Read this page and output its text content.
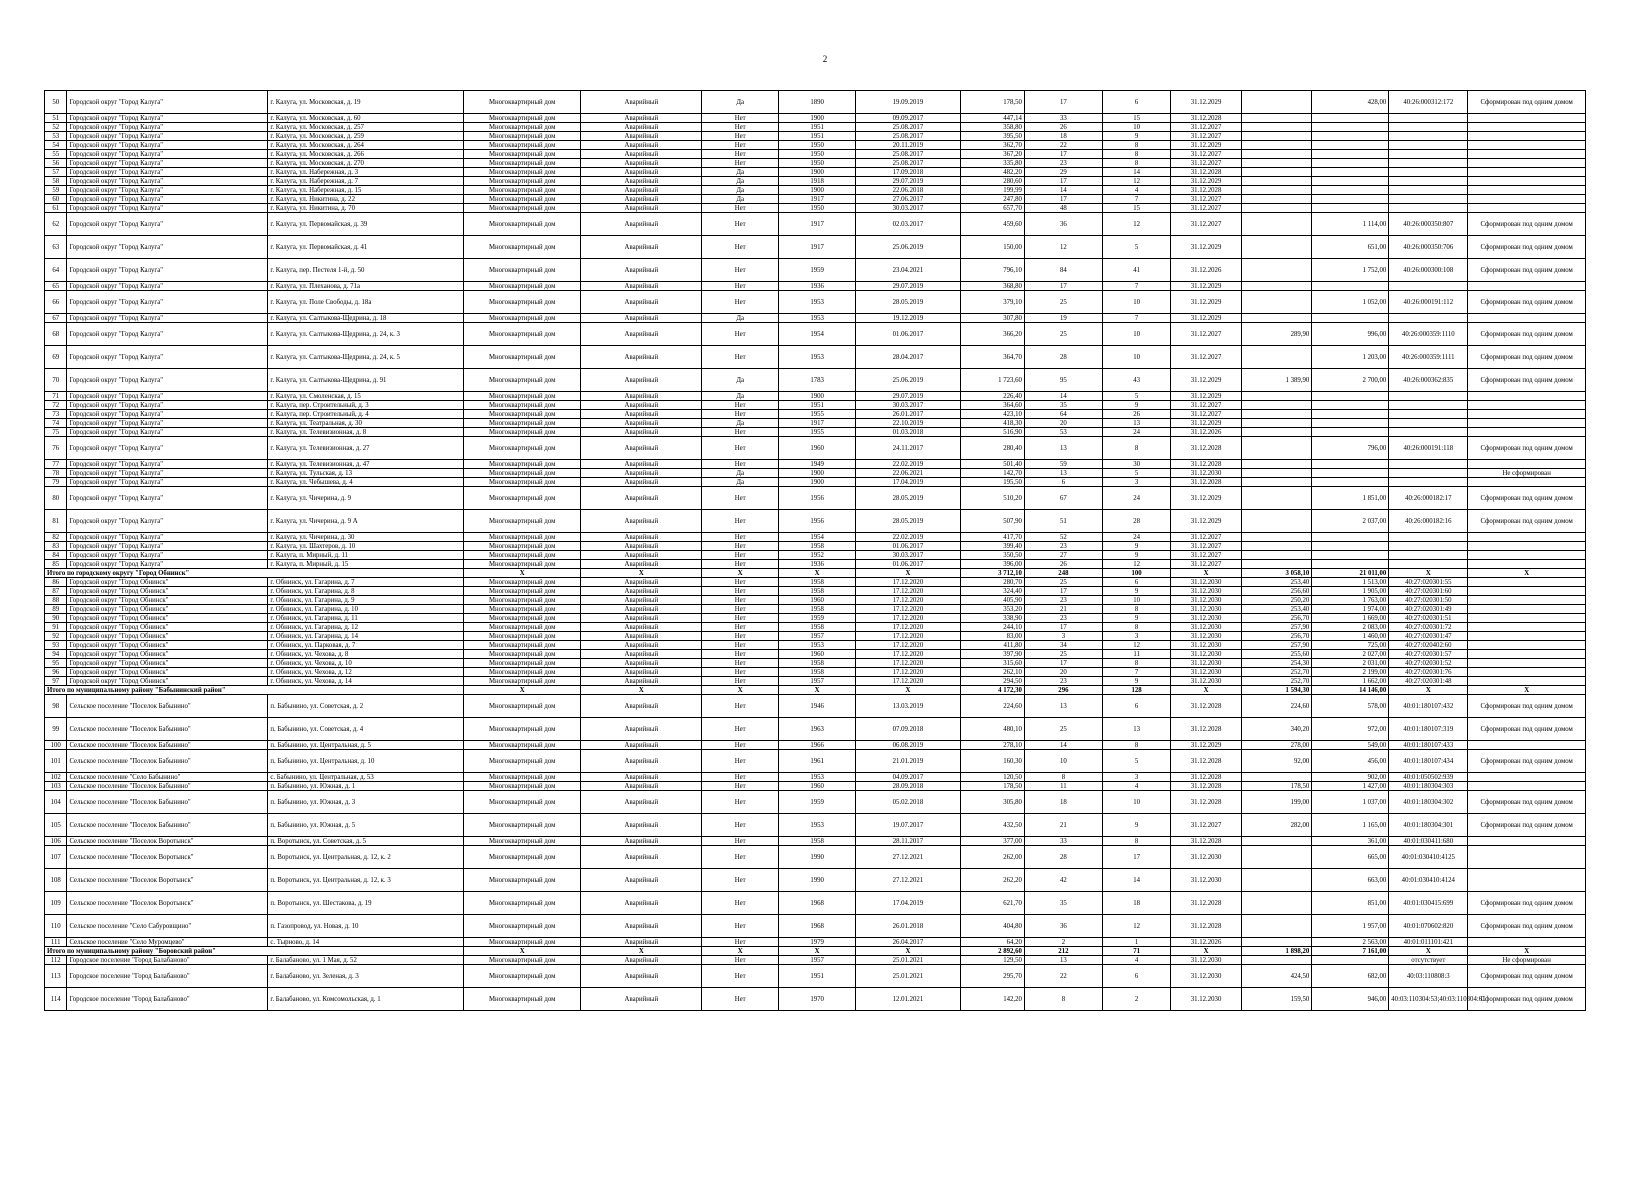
2
50	Городской округ "Город Калуга"	г. Калуга, ул. Московская, д. 19	Многоквартирный дом	Аварийный	Да	1890	19.09.2019	178,50	17	6	31.12.2029		428,00	40:26:000312:172	Сформирован под одним домом
51	Городской округ "Город Калуга"	г. Калуга, ул. Московская, д. 60	Многоквартирный дом	Аварийный	Нет	1900	09.09.2017	447,14	33	15	31.12.2028				
52	Городской округ "Город Калуга"	г. Калуга, ул. Московская, д. 257	Многоквартирный дом	Аварийный	Нет	1951	25.08.2017	358,80	26	10	31.12.2027				
53	Городской округ "Город Калуга"	г. Калуга, ул. Московская, д. 259	Многоквартирный дом	Аварийный	Нет	1951	25.08.2017	395,50	18	9	31.12.2027				
54	Городской округ "Город Калуга"	г. Калуга, ул. Московская, д. 264	Многоквартирный дом	Аварийный	Нет	1950	20.11.2019	362,70	22	8	31.12.2029				
55	Городской округ "Город Калуга"	г. Калуга, ул. Московская, д. 266	Многоквартирный дом	Аварийный	Нет	1950	25.08.2017	367,20	17	8	31.12.2027				
56	Городской округ "Город Калуга"	г. Калуга, ул. Московская, д. 270	Многоквартирный дом	Аварийный	Нет	1950	25.08.2017	335,80	23	8	31.12.2027				
57	Городской округ "Город Калуга"	г. Калуга, ул. Набережная, д. 3	Многоквартирный дом	Аварийный	Да	1900	17.09.2018	482,20	29	14	31.12.2028				
58	Городской округ "Город Калуга"	г. Калуга, ул. Набережная, д. 7	Многоквартирный дом	Аварийный	Да	1918	29.07.2019	280,60	17	12	31.12.2029				
59	Городской округ "Город Калуга"	г. Калуга, ул. Набережная, д. 15	Многоквартирный дом	Аварийный	Да	1900	22.06.2018	199,99	14	4	31.12.2028				
60	Городской округ "Город Калуга"	г. Калуга, ул. Никитина, д. 22	Многоквартирный дом	Аварийный	Да	1917	27.06.2017	247,80	17	7	31.12.2027				
61	Городской округ "Город Калуга"	г. Калуга, ул. Никитина, д. 70	Многоквартирный дом	Аварийный	Нет	1950	30.03.2017	657,70	48	15	31.12.2027				
62	Городской округ "Город Калуга"	г. Калуга, ул. Первомайская, д. 39	Многоквартирный дом	Аварийный	Нет	1917	02.03.2017	459,60	36	12	31.12.2027		1 114,00	40:26:000350:807	Сформирован под одним домом
63	Городской округ "Город Калуга"	г. Калуга, ул. Первомайская, д. 41	Многоквартирный дом	Аварийный	Нет	1917	25.06.2019	150,00	12	5	31.12.2029		651,00	40:26:000350:706	Сформирован под одним домом
64	Городской округ "Город Калуга"	г. Калуга, пер. Пестеля 1-й, д. 50	Многоквартирный дом	Аварийный	Нет	1959	23.04.2021	796,10	84	41	31.12.2026		1 752,00	40:26:000300:108	Сформирован под одним домом
65	Городской округ "Город Калуга"	г. Калуга, ул. Плеханова, д. 71а	Многоквартирный дом	Аварийный	Нет	1936	29.07.2019	368,80	17	7	31.12.2029				
66	Городской округ "Город Калуга"	г. Калуга, ул. Поле Свободы, д. 18а	Многоквартирный дом	Аварийный	Нет	1953	28.05.2019	379,10	25	10	31.12.2029		1 052,00	40:26:000191:112	Сформирован под одним домом
67	Городской округ "Город Калуга"	г. Калуга, ул. Салтыкова-Щедрина, д. 18	Многоквартирный дом	Аварийный	Да	1953	19.12.2019	307,80	19	7	31.12.2029				
68	Городской округ "Город Калуга"	г. Калуга, ул. Салтыкова-Щедрина, д. 24, к. 3	Многоквартирный дом	Аварийный	Нет	1954	01.06.2017	366,20	25	10	31.12.2027	289,90	996,00	40:26:000359:1110	Сформирован под одним домом
69	Городской округ "Город Калуга"	г. Калуга, ул. Салтыкова-Щедрина, д. 24, к. 5	Многоквартирный дом	Аварийный	Нет	1953	28.04.2017	364,70	28	10	31.12.2027		1 203,00	40:26:000359:1111	Сформирован под одним домом
70	Городской округ "Город Калуга"	г. Калуга, ул. Салтыкова-Щедрина, д. 91	Многоквартирный дом	Аварийный	Да	1783	25.06.2019	1 723,60	95	43	31.12.2029	1 389,90	2 700,00	40:26:000362:835	Сформирован под одним домом
71	Городской округ "Город Калуга"	г. Калуга, ул. Смоленская, д. 15	Многоквартирный дом	Аварийный	Да	1900	29.07.2019	226,40	14	5	31.12.2029				
72	Городской округ "Город Калуга"	г. Калуга, пер. Строительный, д. 3	Многоквартирный дом	Аварийный	Нет	1951	30.03.2017	364,60	35	9	31.12.2027				
73	Городской округ "Город Калуга"	г. Калуга, пер. Строительный, д. 4	Многоквартирный дом	Аварийный	Нет	1955	26.01.2017	423,10	64	26	31.12.2027				
74	Городской округ "Город Калуга"	г. Калуга, ул. Театральная, д. 30	Многоквартирный дом	Аварийный	Да	1917	22.10.2019	418,30	20	13	31.12.2029				
75	Городской округ "Город Калуга"	г. Калуга, ул. Телевизионная, д. 8	Многоквартирный дом	Аварийный	Нет	1955	01.03.2018	516,90	53	24	31.12.2026				
76	Городской округ "Город Калуга"	г. Калуга, ул. Телевизионная, д. 27	Многоквартирный дом	Аварийный	Нет	1960	24.11.2017	280,40	13	8	31.12.2028		796,00	40:26:000191:118	Сформирован под одним домом
77	Городской округ "Город Калуга"	г. Калуга, ул. Телевизионная, д. 47	Многоквартирный дом	Аварийный	Нет	1949	22.02.2019	501,40	59	30	31.12.2028				
78	Городской округ "Город Калуга"	г. Калуга, ул. Тульская, д. 13	Многоквартирный дом	Аварийный	Да	1900	22.06.2021	142,70	13	5	31.12.2030				Не сформирован
79	Городской округ "Город Калуга"	г. Калуга, ул. Чебышева, д. 4	Многоквартирный дом	Аварийный	Да	1900	17.04.2019	195,50	6	3	31.12.2028				
80	Городской округ "Город Калуга"	г. Калуга, ул. Чичерина, д. 9	Многоквартирный дом	Аварийный	Нет	1956	28.05.2019	510,20	67	24	31.12.2029		1 851,00	40:26:000182:17	Сформирован под одним домом
81	Городской округ "Город Калуга"	г. Калуга, ул. Чичерина, д. 9 А	Многоквартирный дом	Аварийный	Нет	1956	28.05.2019	507,90	51	28	31.12.2029		2 037,00	40:26:000182:16	Сформирован под одним домом
82	Городской округ "Город Калуга"	г. Калуга, ул. Чичерина, д. 30	Многоквартирный дом	Аварийный	Нет	1954	22.02.2019	417,70	52	24	31.12.2027				
83	Городской округ "Город Калуга"	г. Калуга, ул. Шахтеров, д. 10	Многоквартирный дом	Аварийный	Нет	1958	01.06.2017	399,40	23	9	31.12.2027				
84	Городской округ "Город Калуга"	г. Калуга, п. Мирный, д. 11	Многоквартирный дом	Аварийный	Нет	1952	30.03.2017	350,50	27	9	31.12.2027				
85	Городской округ "Город Калуга"	г. Калуга, п. Мирный, д. 15	Многоквартирный дом	Аварийный	Нет	1936	01.06.2017	396,00	26	12	31.12.2027				
Итого по городскому округу "Город Обнинск"			X	X	X	X	X	3 712,10	248	100	X	3 058,10	21 011,00	X	X
86	Городской округ "Город Обнинск"	г. Обнинск, ул. Гагарина, д. 7	Многоквартирный дом	Аварийный	Нет	1958	17.12.2020	280,70	25	6	31.12.2030	253,40	1 513,00	40:27:020301:55	
87	Городской округ "Город Обнинск"	г. Обнинск, ул. Гагарина, д. 8	Многоквартирный дом	Аварийный	Нет	1958	17.12.2020	324,40	17	9	31.12.2030	256,60	1 905,00	40:27:020301:60	
88	Городской округ "Город Обнинск"	г. Обнинск, ул. Гагарина, д. 9	Многоквартирный дом	Аварийный	Нет	1960	17.12.2020	405,90	23	10	31.12.2030	250,20	1 763,00	40:27:020301:50	
89	Городской округ "Город Обнинск"	г. Обнинск, ул. Гагарина, д. 10	Многоквартирный дом	Аварийный	Нет	1958	17.12.2020	353,20	21	8	31.12.2030	253,40	1 974,00	40:27:020301:49	
90	Городской округ "Город Обнинск"	г. Обнинск, ул. Гагарина, д. 11	Многоквартирный дом	Аварийный	Нет	1959	17.12.2020	338,90	23	9	31.12.2030	256,70	1 669,00	40:27:020301:51	
91	Городской округ "Город Обнинск"	г. Обнинск, ул. Гагарина, д. 12	Многоквартирный дом	Аварийный	Нет	1958	17.12.2020	244,10	17	8	31.12.2030	257,90	2 083,00	40:27:020301:72	
92	Городской округ "Город Обнинск"	г. Обнинск, ул. Гагарина, д. 14	Многоквартирный дом	Аварийный	Нет	1957	17.12.2020	83,00	3	3	31.12.2030	256,70	1 460,00	40:27:020301:47	
93	Городской округ "Город Обнинск"	г. Обнинск, ул. Парковая, д. 7	Многоквартирный дом	Аварийный	Нет	1953	17.12.2020	411,80	34	12	31.12.2030	257,90	725,00	40:27:020402:60	
94	Городской округ "Город Обнинск"	г. Обнинск, ул. Чехова, д. 8	Многоквартирный дом	Аварийный	Нет	1960	17.12.2020	397,90	25	11	31.12.2030	255,60	2 027,00	40:27:020301:57	
95	Городской округ "Город Обнинск"	г. Обнинск, ул. Чехова, д. 10	Многоквартирный дом	Аварийный	Нет	1958	17.12.2020	315,60	17	8	31.12.2030	254,30	2 031,00	40:27:020301:52	
96	Городской округ "Город Обнинск"	г. Обнинск, ул. Чехова, д. 12	Многоквартирный дом	Аварийный	Нет	1958	17.12.2020	262,10	20	7	31.12.2030	252,70	2 199,00	40:27:020301:76	
97	Городской округ "Город Обнинск"	г. Обнинск, ул. Чехова, д. 14	Многоквартирный дом	Аварийный	Нет	1957	17.12.2020	294,50	23	9	31.12.2030	252,70	1 662,00	40:27:020301:48	
Итого по муниципальному району "Бабынинский район"			X	X	X	X	X	4 172,30	296	128	X	1 594,30	14 146,00	X	X
98	Сельское поселение "Поселок Бабынино"	п. Бабынино, ул. Советская, д. 2	Многоквартирный дом	Аварийный	Нет	1946	13.03.2019	224,60	13	6	31.12.2028	224,60	578,00	40:01:180107:432	Сформирован под одним домом
99	Сельское поселение "Поселок Бабынино"	п. Бабынино, ул. Советская, д. 4	Многоквартирный дом	Аварийный	Нет	1963	07.09.2018	480,10	25	13	31.12.2028	340,20	972,00	40:01:180107:319	Сформирован под одним домом
100	Сельское поселение "Поселок Бабынино"	п. Бабынино, ул. Центральная, д. 5	Многоквартирный дом	Аварийный	Нет	1966	06.08.2019	278,10	14	8	31.12.2029	278,00	549,00	40:01:180107:433	
101	Сельское поселение "Поселок Бабынино"	п. Бабынино, ул. Центральная, д. 10	Многоквартирный дом	Аварийный	Нет	1961	21.01.2019	160,30	10	5	31.12.2028	92,00	456,00	40:01:180107:434	Сформирован под одним домом
102	Сельское поселение "Село Бабынино"	с. Бабынино, ул. Центральная, д. 53	Многоквартирный дом	Аварийный	Нет	1953	04.09.2017	120,50	8	3	31.12.2028		902,00	40:01:050502:939	
103	Сельское поселение "Поселок Бабынино"	п. Бабынино, ул. Южная, д. 1	Многоквартирный дом	Аварийный	Нет	1960	28.09.2018	178,50	11	4	31.12.2028	178,50	1 427,00	40:01:180304:303	
104	Сельское поселение "Поселок Бабынино"	п. Бабынино, ул. Южная, д. 3	Многоквартирный дом	Аварийный	Нет	1959	05.02.2018	305,80	18	10	31.12.2028	199,00	1 037,00	40:01:180304:302	Сформирован под одним домом
105	Сельское поселение "Поселок Бабынино"	п. Бабынино, ул. Южная, д. 5	Многоквартирный дом	Аварийный	Нет	1953	19.07.2017	432,50	21	9	31.12.2027	282,00	1 165,00	40:01:180304:301	Сформирован под одним домом
106	Сельское поселение "Поселок Воротынск"	п. Воротынск, ул. Советская, д. 5	Многоквартирный дом	Аварийный	Нет	1958	28.11.2017	377,00	33	8	31.12.2028		361,00	40:01:030411:680	
107	Сельское поселение "Поселок Воротынск"	п. Воротынск, ул. Центральная, д. 12, к. 2	Многоквартирный дом	Аварийный	Нет	1990	27.12.2021	262,00	28	17	31.12.2030		665,00	40:01:030410:4125	
108	Сельское поселение "Поселок Воротынск"	п. Воротынск, ул. Центральная, д. 12, к. 3	Многоквартирный дом	Аварийный	Нет	1990	27.12.2021	262,20	42	14	31.12.2030		663,00	40:01:030410:4124	
109	Сельское поселение "Поселок Воротынск"	п. Воротынск, ул. Шестакова, д. 19	Многоквартирный дом	Аварийный	Нет	1968	17.04.2019	621,70	35	18	31.12.2028		851,00	40:01:030415:699	Сформирован под одним домом
110	Сельское поселение "Село Сабуровщино"	п. Газопровод, ул. Новая, д. 10	Многоквартирный дом	Аварийный	Нет	1968	26.01.2018	404,80	36	12	31.12.2028		1 957,00	40:01:070602:820	Сформирован под одним домом
111	Сельское поселение "Село Муромцево"	с. Тырново, д. 14	Многоквартирный дом	Аварийный	Нет	1979	26.04.2017	64,20	2	1	31.12.2026		2 563,00	40:01:011101:421	
Итого по муниципальному району "Боровский район"			X	X	X	X	X	2 892,60	212	71	X	1 898,20	7 161,00	X	X
112	Городское поселение "Город Балабаново"	г. Балабаново, ул. 1 Мая, д. 52	Многоквартирный дом	Аварийный	Нет	1957	25.01.2021	129,50	13	4	31.12.2030			отсутствует	Не сформирован
113	Городское поселение "Город Балабаново"	г. Балабаново, ул. Зеленая, д. 3	Многоквартирный дом	Аварийный	Нет	1951	25.01.2021	295,70	22	6	31.12.2030	424,50	682,00	40:03:110808:3	Сформирован под одним домом
114	Городское поселение "Город Балабаново"	г. Балабаново, ул. Комсомольская, д. 1	Многоквартирный дом	Аварийный	Нет	1970	12.01.2021	142,20	8	2	31.12.2030	159,50	946,00	40:03:110304:53;40:03:110304:61	Сформирован под одним домом
